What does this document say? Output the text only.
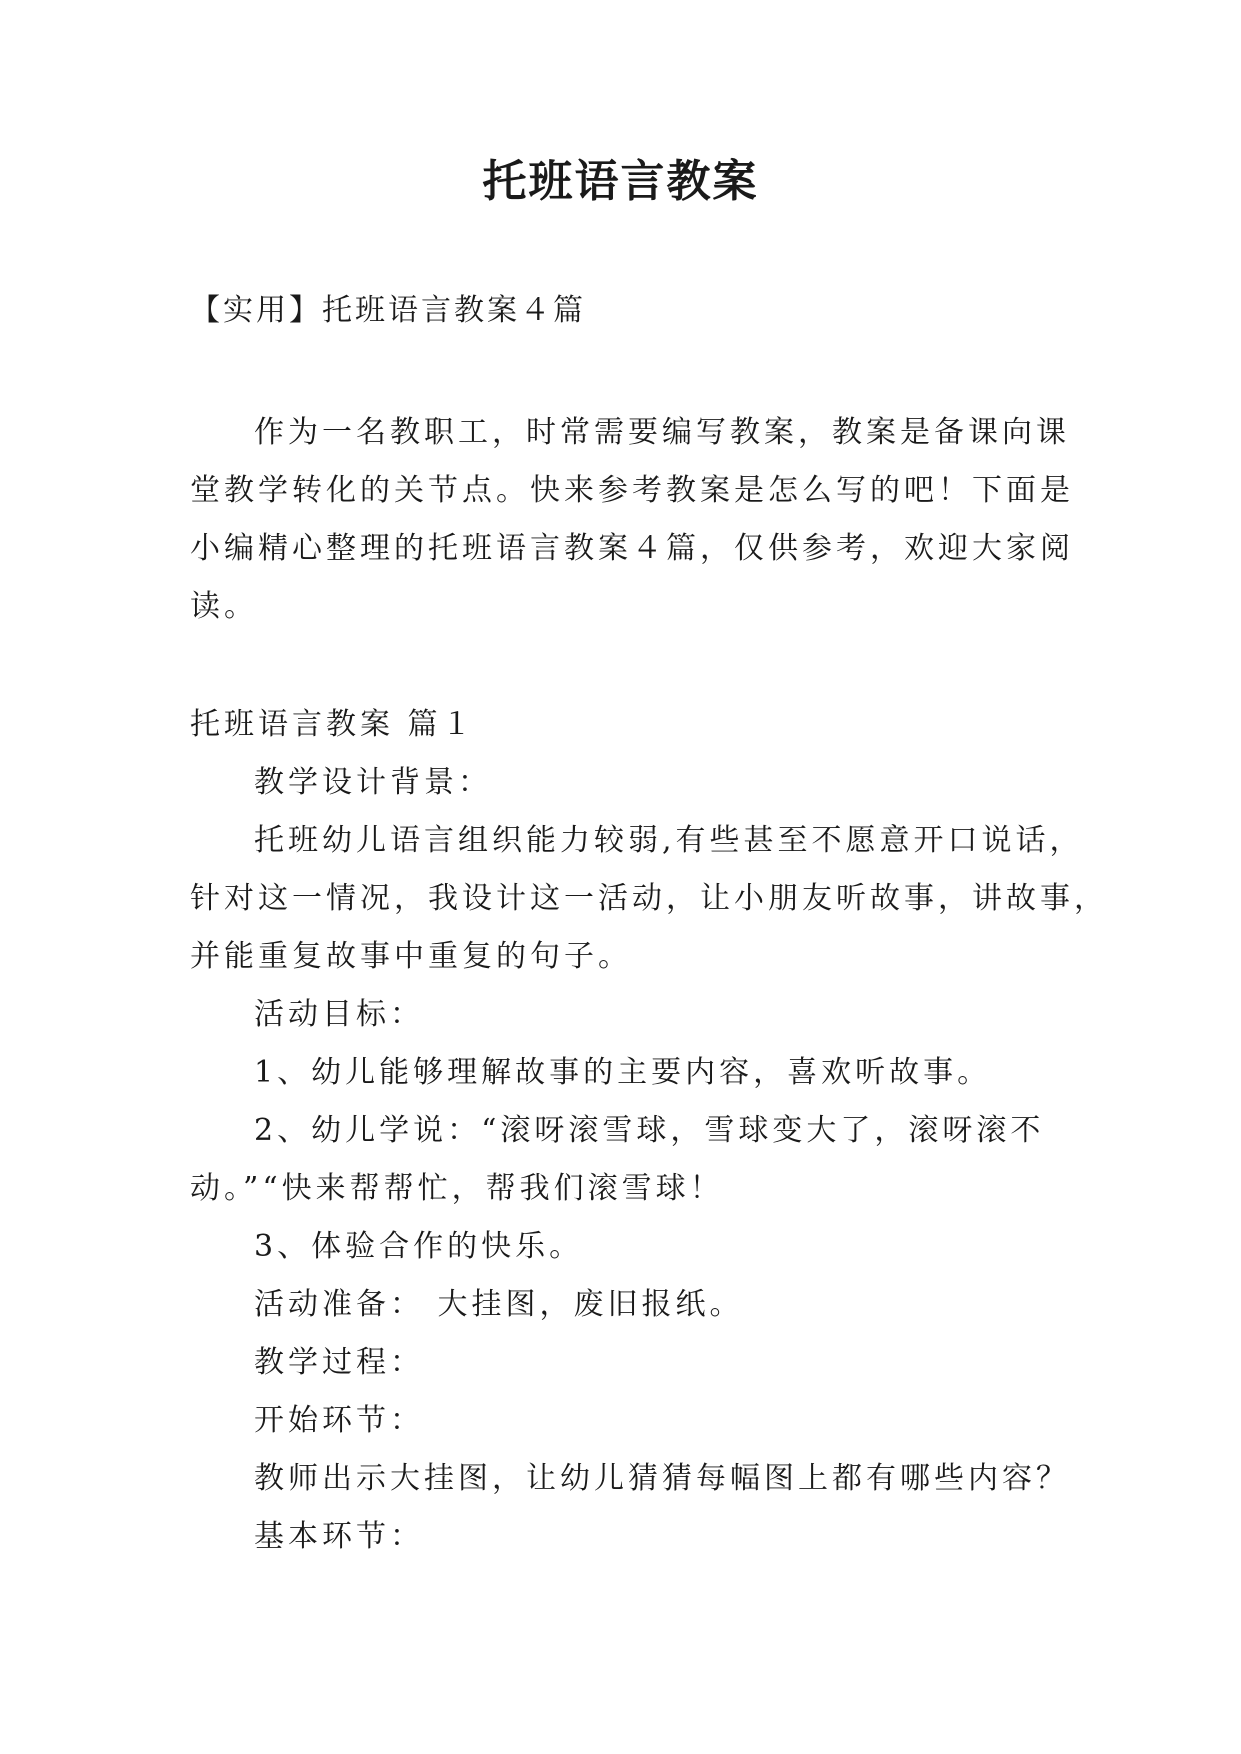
托班语言教案
【实用】托班语言教案４篇
作为一名教职工，时常需要编写教案，教案是备课向课
堂教学转化的关节点。快来参考教案是怎么写的吧！下面是
小编精心整理的托班语言教案４篇，仅供参考，欢迎大家阅
读。
托班语言教案 篇１
教学设计背景：
托班幼儿语言组织能力较弱,有些甚至不愿意开口说话，
针对这一情况，我设计这一活动，让小朋友听故事，讲故事，
并能重复故事中重复的句子。
活动目标：
1、幼儿能够理解故事的主要内容，喜欢听故事。
2、幼儿学说：“滚呀滚雪球，雪球变大了，滚呀滚不
动。”“快来帮帮忙，帮我们滚雪球！
3、体验合作的快乐。
活动准备： 大挂图，废旧报纸。
教学过程：
开始环节：
教师出示大挂图，让幼儿猜猜每幅图上都有哪些内容？
基本环节：
